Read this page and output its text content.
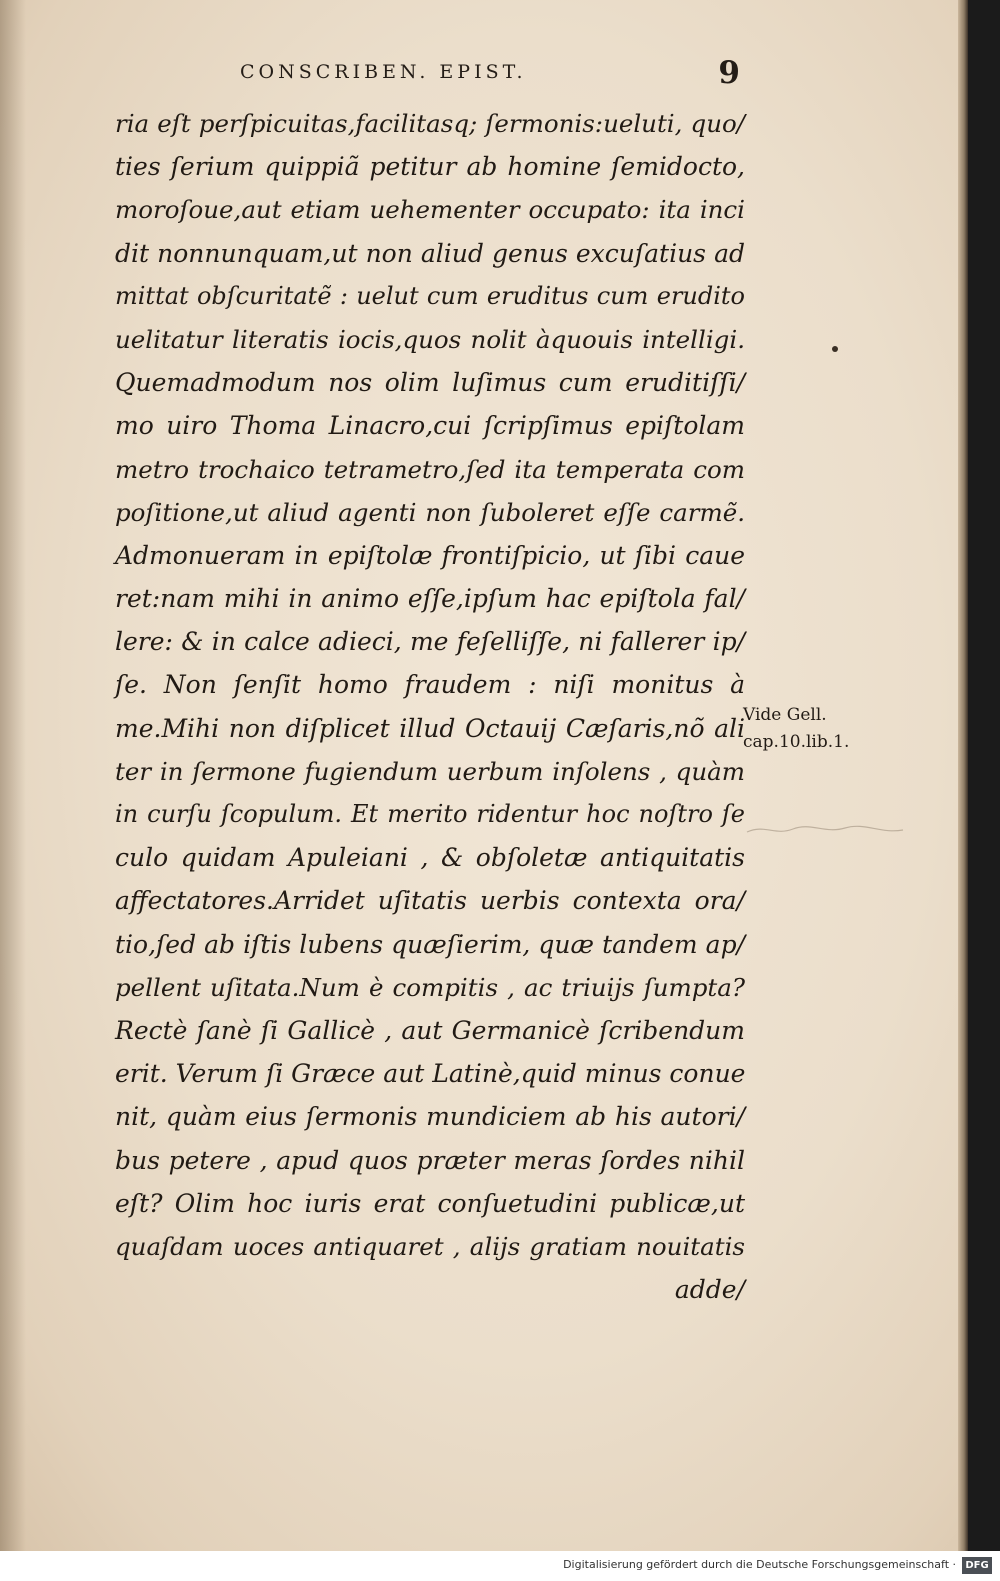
CONSCRIBEN. EPIST.	9
ria eſt perſpicuitas,facilitasq; ſermonis:ueluti, quo/
ties ſerium quippiã petitur ab homine ſemidocto,
moroſoue,aut etiam uehementer occupato: ita inci
dit nonnunquam,ut non aliud genus excuſatius ad
mittat obſcuritatẽ : uelut cum eruditus cum erudito
uelitatur literatis iocis,quos nolit àquouis intelligi.
Quemadmodum nos olim luſimus cum eruditiſſi/
mo uiro Thoma Linacro,cui ſcripſimus epiſtolam
metro trochaico tetrametro,ſed ita temperata com
poſitione,ut aliud agenti non ſuboleret eſſe carmẽ.
Admonueram in epiſtolæ frontiſpicio, ut ſibi caue
ret:nam mihi in animo eſſe,ipſum hac epiſtola fal/
lere: & in calce adieci, me feſelliſſe, ni fallerer ip/
ſe. Non ſenſit homo fraudem : niſi monitus à
me.Mihi non diſplicet illud Octauij Cæſaris,nõ ali
ter in ſermone fugiendum uerbum inſolens , quàm
in curſu ſcopulum. Et merito ridentur hoc noſtro ſe
culo quidam Apuleiani , & obſoletæ antiquitatis
affectatores.Arridet uſitatis uerbis contexta ora/
tio,ſed ab iſtis lubens quæſierim, quæ tandem ap/
pellent uſitata.Num è compitis , ac triuijs ſumpta?
Rectè ſanè ſi Gallicè , aut Germanicè ſcribendum
erit. Verum ſi Græce aut Latinè,quid minus conue
nit, quàm eius ſermonis mundiciem ab his autori/
bus petere , apud quos præter meras ſordes nihil
eſt? Olim hoc iuris erat conſuetudini publicæ,ut
quaſdam uoces antiquaret , alijs gratiam nouitatis
adde/
Vide Gell.
cap.10.lib.1.
Digitalisierung gefördert durch die Deutsche Forschungsgemeinschaft · DFG
